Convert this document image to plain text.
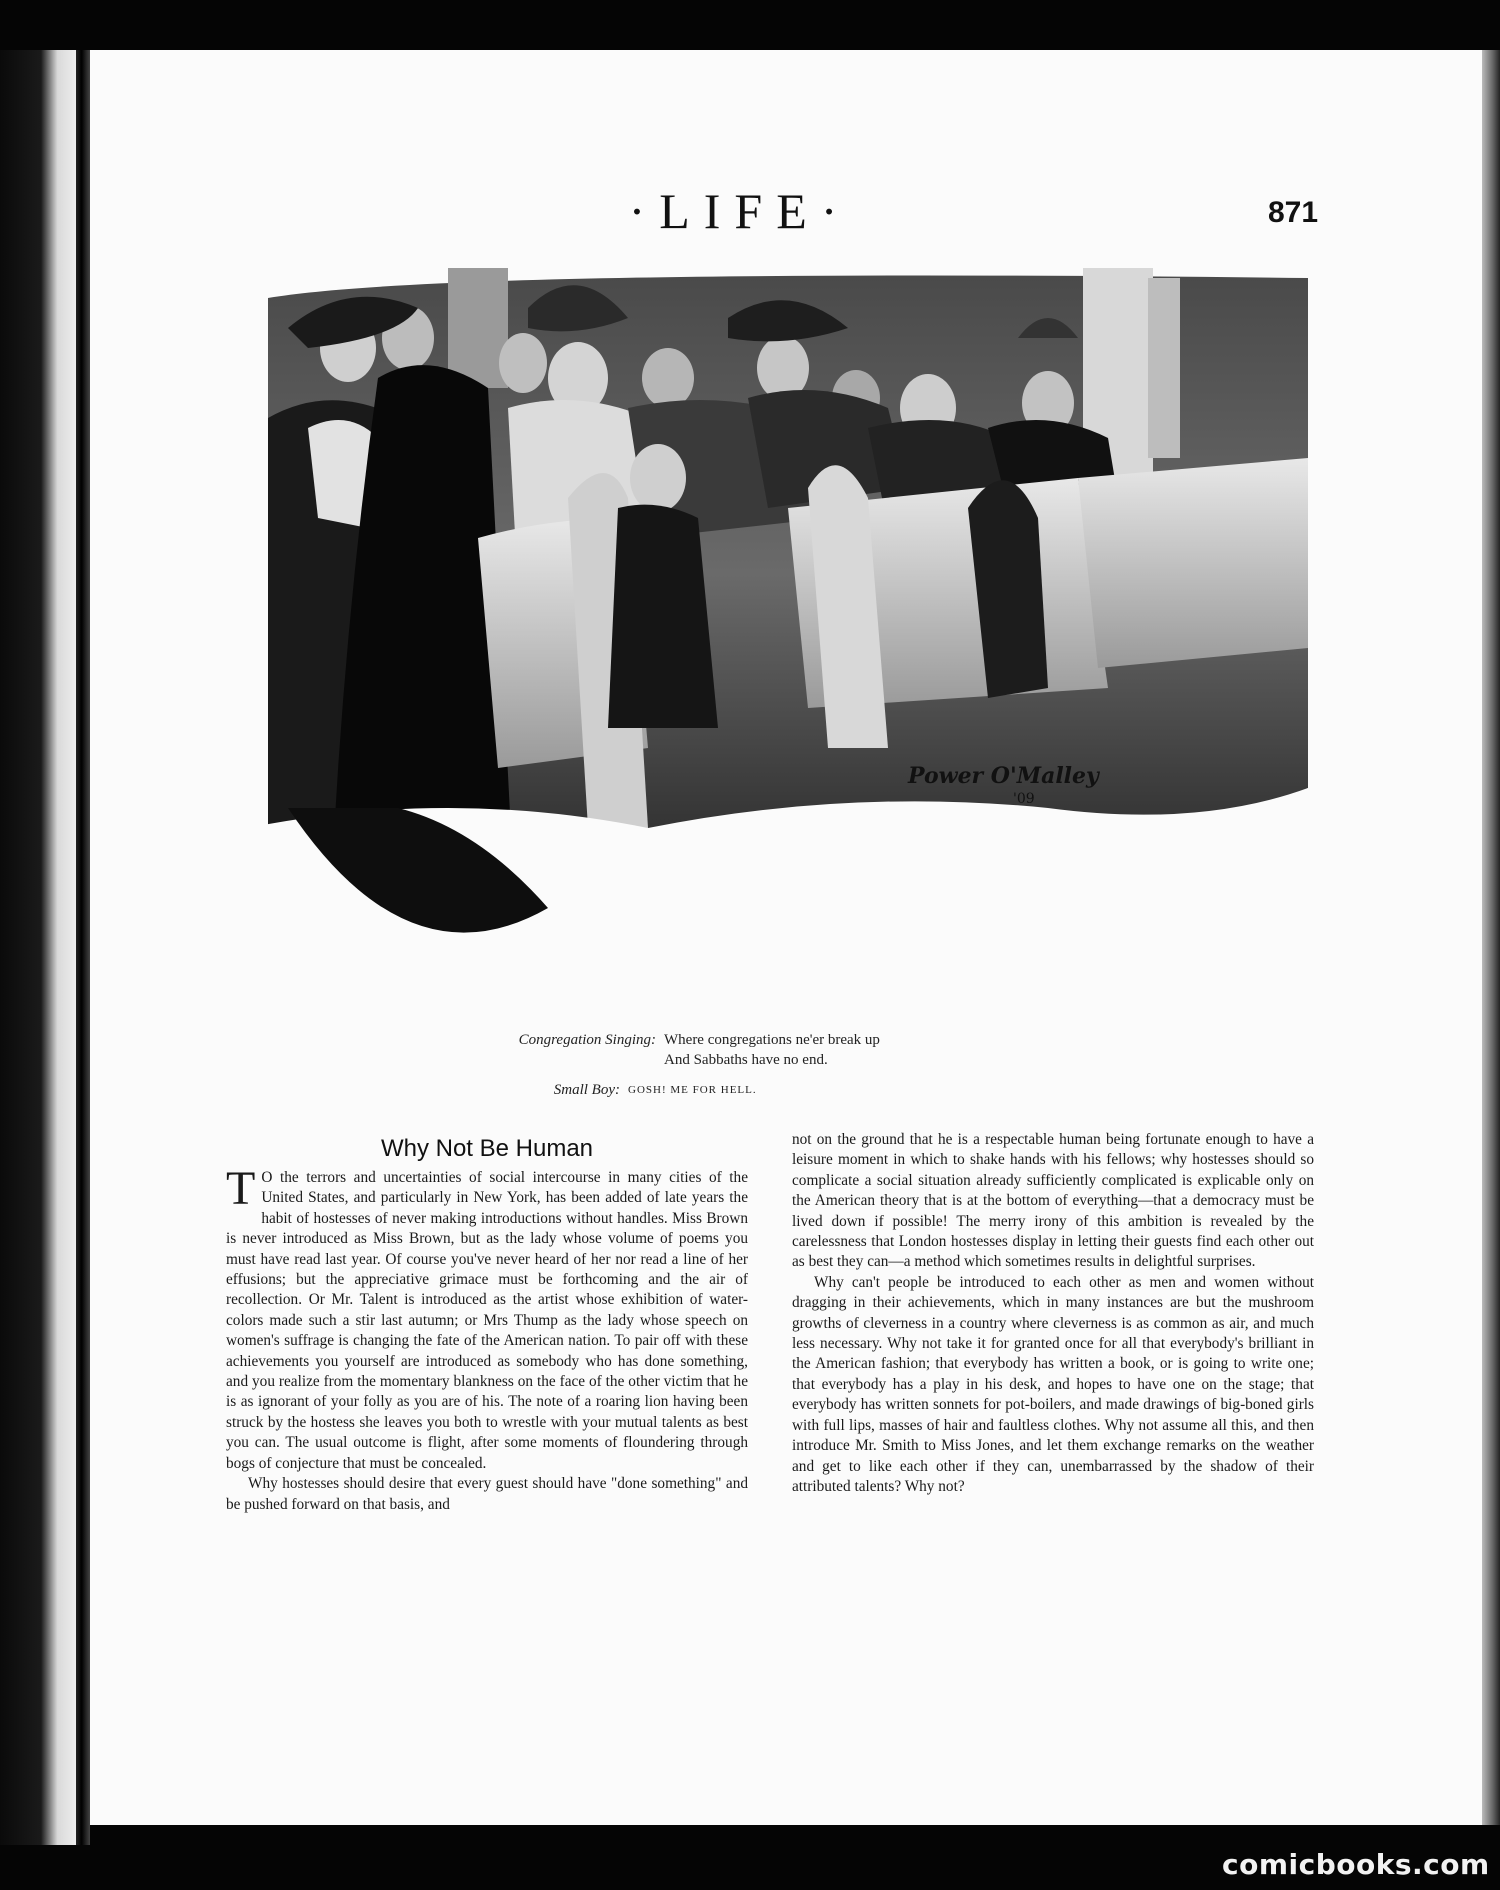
·LIFE·	871
Power O'Malley
'09
Congregation Singing: Where congregations ne'er break up
And Sabbaths have no end.
Small Boy: GOSH! ME FOR HELL.
Why Not Be Human

T O the terrors and uncertainties of social intercourse in many cities of the United States, and particularly in New York, has been added of late years the habit of hostesses of never making introductions without handles. Miss Brown is never introduced as Miss Brown, but as the lady whose volume of poems you must have read last year. Of course you've never heard of her nor read a line of her effusions; but the appreciative grimace must be forthcoming and the air of recollection. Or Mr. Talent is introduced as the artist whose exhibition of water-colors made such a stir last autumn; or Mrs Thump as the lady whose speech on women's suffrage is changing the fate of the American nation. To pair off with these achievements you yourself are introduced as somebody who has done something, and you realize from the momentary blankness on the face of the other victim that he is as ignorant of your folly as you are of his. The note of a roaring lion having been struck by the hostess she leaves you both to wrestle with your mutual talents as best you can. The usual outcome is flight, after some moments of floundering through bogs of conjecture that must be concealed.

Why hostesses should desire that every guest should have "done something" and be pushed forward on that basis, and

not on the ground that he is a respectable human being fortunate enough to have a leisure moment in which to shake hands with his fellows; why hostesses should so complicate a social situation already sufficiently complicated is explicable only on the American theory that is at the bottom of everything—that a democracy must be lived down if possible! The merry irony of this ambition is revealed by the carelessness that London hostesses display in letting their guests find each other out as best they can—a method which sometimes results in delightful surprises.

Why can't people be introduced to each other as men and women without dragging in their achievements, which in many instances are but the mushroom growths of cleverness in a country where cleverness is as common as air, and much less necessary. Why not take it for granted once for all that everybody's brilliant in the American fashion; that everybody has written a book, or is going to write one; that everybody has a play in his desk, and hopes to have one on the stage; that everybody has written sonnets for pot-boilers, and made drawings of big-boned girls with full lips, masses of hair and faultless clothes. Why not assume all this, and then introduce Mr. Smith to Miss Jones, and let them exchange remarks on the weather and get to like each other if they can, unembarrassed by the shadow of their attributed talents? Why not?

comicbooks.com
